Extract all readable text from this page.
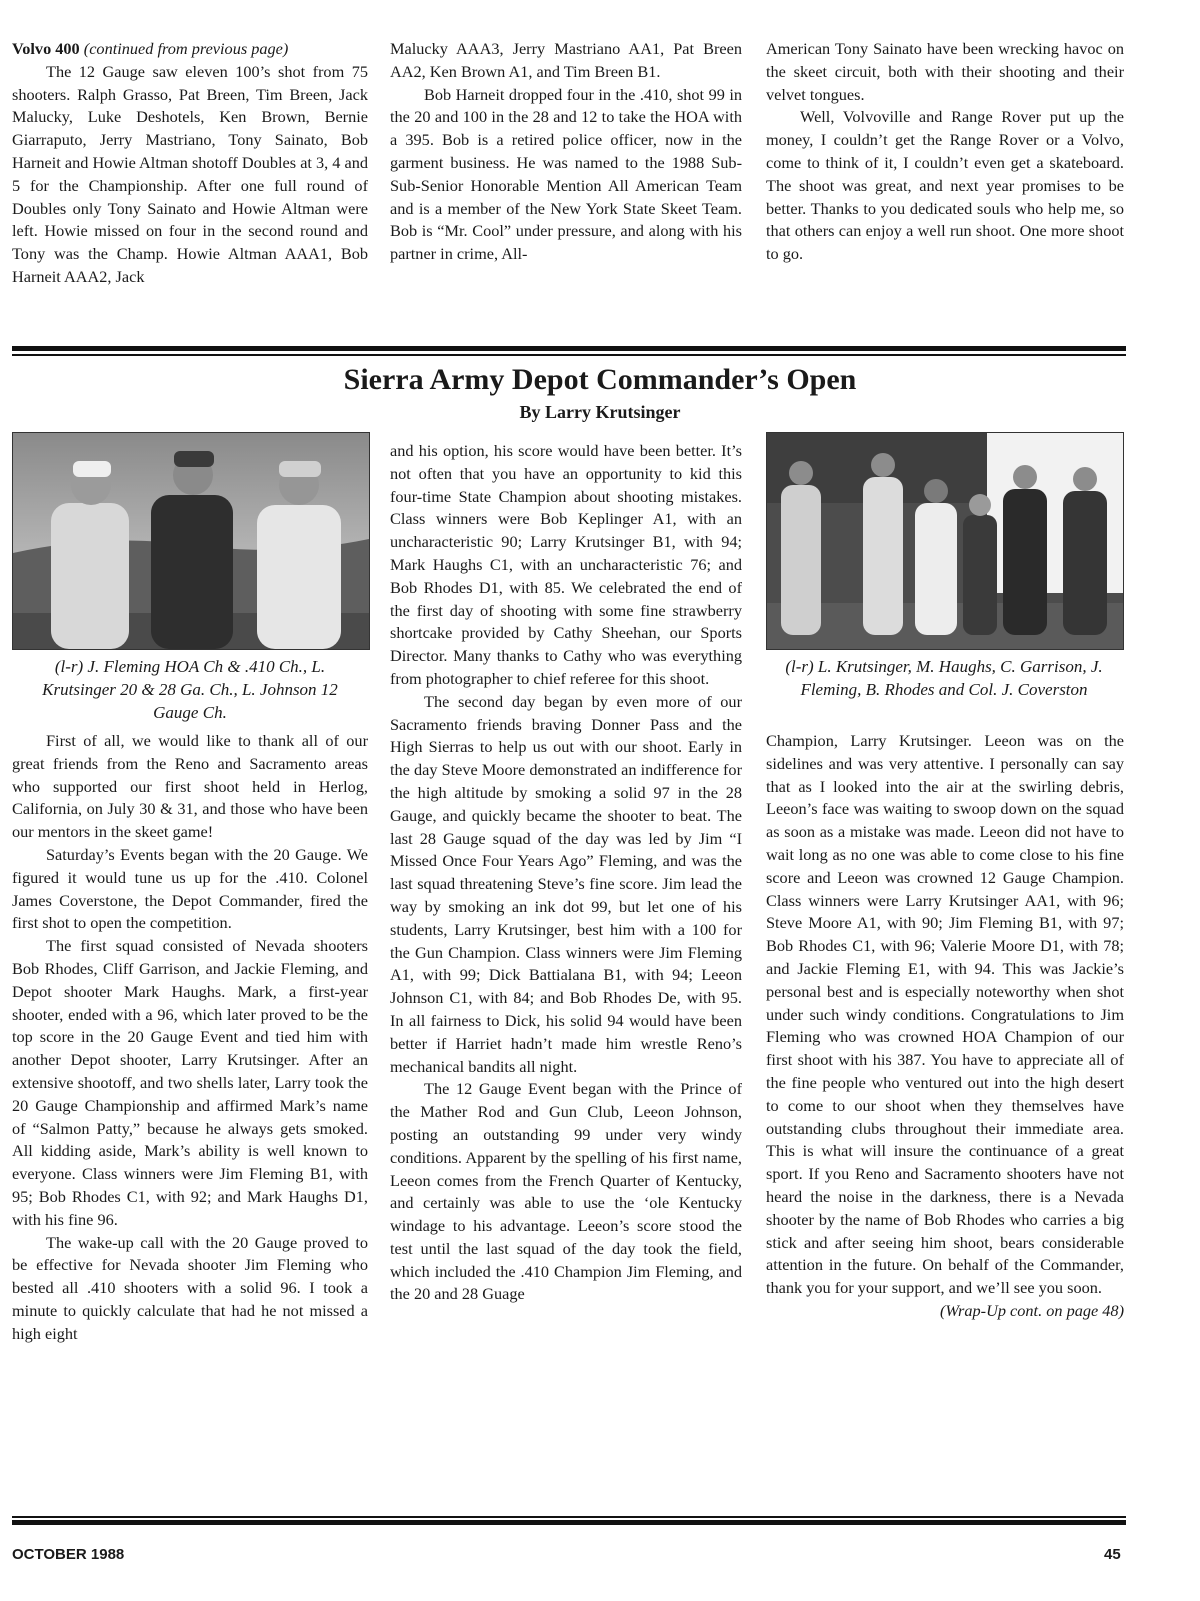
Volvo 400 (continued from previous page)

The 12 Gauge saw eleven 100’s shot from 75 shooters. Ralph Grasso, Pat Breen, Tim Breen, Jack Malucky, Luke Deshotels, Ken Brown, Bernie Giarraputo, Jerry Mastriano, Tony Sainato, Bob Harneit and Howie Altman shotoff Doubles at 3, 4 and 5 for the Championship. After one full round of Doubles only Tony Sainato and Howie Altman were left. Howie missed on four in the second round and Tony was the Champ. Howie Altman AAA1, Bob Harneit AAA2, Jack

Malucky AAA3, Jerry Mastriano AA1, Pat Breen AA2, Ken Brown A1, and Tim Breen B1.

Bob Harneit dropped four in the .410, shot 99 in the 20 and 100 in the 28 and 12 to take the HOA with a 395. Bob is a retired police officer, now in the garment business. He was named to the 1988 Sub-Sub-Senior Honorable Mention All American Team and is a member of the New York State Skeet Team. Bob is “Mr. Cool” under pressure, and along with his partner in crime, All-

American Tony Sainato have been wrecking havoc on the skeet circuit, both with their shooting and their velvet tongues.

Well, Volvoville and Range Rover put up the money, I couldn’t get the Range Rover or a Volvo, come to think of it, I couldn’t even get a skateboard. The shoot was great, and next year promises to be better. Thanks to you dedicated souls who help me, so that others can enjoy a well run shoot. One more shoot to go.

Sierra Army Depot Commander’s Open
By Larry Krutsinger
(l-r) J. Fleming HOA Ch & .410 Ch., L. Krutsinger 20 & 28 Ga. Ch., L. Johnson 12 Gauge Ch.
(l-r) L. Krutsinger, M. Haughs, C. Garrison, J. Fleming, B. Rhodes and Col. J. Coverston

First of all, we would like to thank all of our great friends from the Reno and Sacramento areas who supported our first shoot held in Herlog, California, on July 30 & 31, and those who have been our mentors in the skeet game!

Saturday’s Events began with the 20 Gauge. We figured it would tune us up for the .410. Colonel James Coverstone, the Depot Commander, fired the first shot to open the competition.

The first squad consisted of Nevada shooters Bob Rhodes, Cliff Garrison, and Jackie Fleming, and Depot shooter Mark Haughs. Mark, a first-year shooter, ended with a 96, which later proved to be the top score in the 20 Gauge Event and tied him with another Depot shooter, Larry Krutsinger. After an extensive shootoff, and two shells later, Larry took the 20 Gauge Championship and affirmed Mark’s name of “Salmon Patty,” because he always gets smoked. All kidding aside, Mark’s ability is well known to everyone. Class winners were Jim Fleming B1, with 95; Bob Rhodes C1, with 92; and Mark Haughs D1, with his fine 96.

The wake-up call with the 20 Gauge proved to be effective for Nevada shooter Jim Fleming who bested all .410 shooters with a solid 96. I took a minute to quickly calculate that had he not missed a high eight

and his option, his score would have been better. It’s not often that you have an opportunity to kid this four-time State Champion about shooting mistakes. Class winners were Bob Keplinger A1, with an uncharacteristic 90; Larry Krutsinger B1, with 94; Mark Haughs C1, with an uncharacteristic 76; and Bob Rhodes D1, with 85. We celebrated the end of the first day of shooting with some fine strawberry shortcake provided by Cathy Sheehan, our Sports Director. Many thanks to Cathy who was everything from photographer to chief referee for this shoot.

The second day began by even more of our Sacramento friends braving Donner Pass and the High Sierras to help us out with our shoot. Early in the day Steve Moore demonstrated an indifference for the high altitude by smoking a solid 97 in the 28 Gauge, and quickly became the shooter to beat. The last 28 Gauge squad of the day was led by Jim “I Missed Once Four Years Ago” Fleming, and was the last squad threatening Steve’s fine score. Jim lead the way by smoking an ink dot 99, but let one of his students, Larry Krutsinger, best him with a 100 for the Gun Champion. Class winners were Jim Fleming A1, with 99; Dick Battialana B1, with 94; Leeon Johnson C1, with 84; and Bob Rhodes De, with 95. In all fairness to Dick, his solid 94 would have been better if Harriet hadn’t made him wrestle Reno’s mechanical bandits all night.

The 12 Gauge Event began with the Prince of the Mather Rod and Gun Club, Leeon Johnson, posting an outstanding 99 under very windy conditions. Apparent by the spelling of his first name, Leeon comes from the French Quarter of Kentucky, and certainly was able to use the ‘ole Kentucky windage to his advantage. Leeon’s score stood the test until the last squad of the day took the field, which included the .410 Champion Jim Fleming, and the 20 and 28 Guage

Champion, Larry Krutsinger. Leeon was on the sidelines and was very attentive. I personally can say that as I looked into the air at the swirling debris, Leeon’s face was waiting to swoop down on the squad as soon as a mistake was made. Leeon did not have to wait long as no one was able to come close to his fine score and Leeon was crowned 12 Gauge Champion. Class winners were Larry Krutsinger AA1, with 96; Steve Moore A1, with 90; Jim Fleming B1, with 97; Bob Rhodes C1, with 96; Valerie Moore D1, with 78; and Jackie Fleming E1, with 94. This was Jackie’s personal best and is especially noteworthy when shot under such windy conditions. Congratulations to Jim Fleming who was crowned HOA Champion of our first shoot with his 387. You have to appreciate all of the fine people who ventured out into the high desert to come to our shoot when they themselves have outstanding clubs throughout their immediate area. This is what will insure the continuance of a great sport. If you Reno and Sacramento shooters have not heard the noise in the darkness, there is a Nevada shooter by the name of Bob Rhodes who carries a big stick and after seeing him shoot, bears considerable attention in the future. On behalf of the Commander, thank you for your support, and we’ll see you soon.

(Wrap-Up cont. on page 48)

OCTOBER 1988	45
